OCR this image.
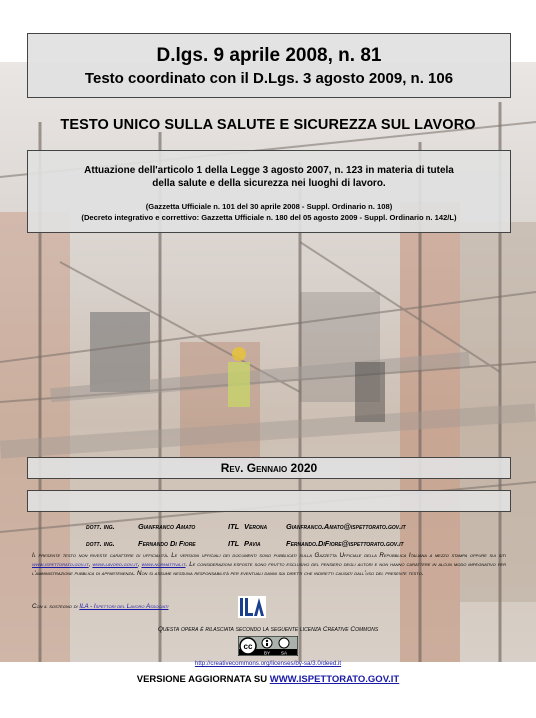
D.lgs. 9 aprile 2008, n. 81
Testo coordinato con il D.Lgs. 3 agosto 2009, n. 106
TESTO UNICO SULLA SALUTE E SICUREZZA SUL LAVORO
Attuazione dell'articolo 1 della Legge 3 agosto 2007, n. 123 in materia di tutela
della salute e della sicurezza nei luoghi di lavoro.
(Gazzetta Ufficiale n. 101 del 30 aprile 2008 - Suppl. Ordinario n. 108)
(Decreto integrativo e correttivo: Gazzetta Ufficiale n. 180 del 05 agosto 2009 - Suppl. Ordinario n. 142/L)
Rev. Gennaio 2020
dott. ing.	Gianfranco Amato	ITL Verona	Gianfranco.Amato@ispettorato.gov.it
dott. ing.	Fernando Di Fiore	ITL Pavia	Fernando.DiFiore@ispettorato.gov.it
Il presente testo non riveste carattere di ufficialità. Le versioni ufficiali dei documenti sono pubblicati sulla Gazzetta Ufficiale della Repubblica Italiana a mezzo stampa oppure sui siti www.ispettorato.gov.it, www.lavoro.gov.it, www.normattiva.it. Le considerazioni esposte sono frutto esclusivo del pensiero degli autori e non hanno carattere in alcun modo impegnativo per l'amministrazione pubblica di appartenenza. Non si assume nessuna responsabilità per eventuali danni sia diretti che indiretti causati dall'uso del presente testo.
Con il sostegno di ILA - Ispettori del Lavoro Associati
Questa opera è rilasciata secondo la seguente licenza Creative Commons
cc
BY SA
http://creativecommons.org/licenses/by-sa/3.0/deed.it
VERSIONE AGGIORNATA SU WWW.ISPETTORATO.GOV.IT
